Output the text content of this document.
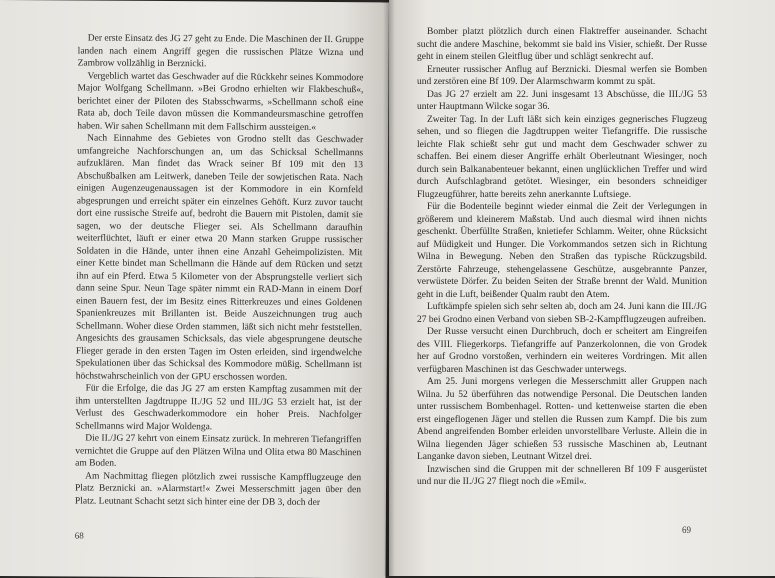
Der erste Einsatz des JG 27 geht zu Ende. Die Maschinen der II. Gruppe landen nach einem Angriff gegen die russischen Plätze Wizna und Zambrow vollzählig in Berznicki.

Vergeblich wartet das Geschwader auf die Rückkehr seines Kommodore Major Wolfgang Schellmann. »Bei Grodno erhielten wir Flakbeschuß«, berichtet einer der Piloten des Stabsschwarms, »Schellmann schoß eine Rata ab, doch Teile davon müssen die Kommandeursmaschine getroffen haben. Wir sahen Schellmann mit dem Fallschirm aussteigen.«

Nach Einnahme des Gebietes von Grodno stellt das Geschwader umfangreiche Nachforschungen an, um das Schicksal Schellmanns aufzuklären. Man findet das Wrack seiner Bf 109 mit den 13 Abschußbalken am Leitwerk, daneben Teile der sowjetischen Rata. Nach einigen Augenzeugenaussagen ist der Kommodore in ein Kornfeld abgesprungen und erreicht später ein einzelnes Gehöft. Kurz zuvor taucht dort eine russische Streife auf, bedroht die Bauern mit Pistolen, damit sie sagen, wo der deutsche Flieger sei. Als Schellmann daraufhin weiterflüchtet, läuft er einer etwa 20 Mann starken Gruppe russischer Soldaten in die Hände, unter ihnen eine Anzahl Geheimpolizisten. Mit einer Kette bindet man Schellmann die Hände auf dem Rücken und setzt ihn auf ein Pferd. Etwa 5 Kilometer von der Absprungstelle verliert sich dann seine Spur. Neun Tage später nimmt ein RAD-Mann in einem Dorf einen Bauern fest, der im Besitz eines Ritterkreuzes und eines Goldenen Spanienkreuzes mit Brillanten ist. Beide Auszeichnungen trug auch Schellmann. Woher diese Orden stammen, läßt sich nicht mehr feststellen. Angesichts des grausamen Schicksals, das viele abgesprungene deutsche Flieger gerade in den ersten Tagen im Osten erleiden, sind irgendwelche Spekulationen über das Schicksal des Kommodore müßig. Schellmann ist höchstwahrscheinlich von der GPU erschossen worden.

Für die Erfolge, die das JG 27 am ersten Kampftag zusammen mit der ihm unterstellten Jagdtruppe II./JG 52 und III./JG 53 erzielt hat, ist der Verlust des Geschwaderkommodore ein hoher Preis. Nachfolger Schellmanns wird Major Woldenga.

Die II./JG 27 kehrt von einem Einsatz zurück. In mehreren Tiefangriffen vernichtet die Gruppe auf den Plätzen Wilna und Olita etwa 80 Maschinen am Boden.

Am Nachmittag fliegen plötzlich zwei russische Kampfflugzeuge den Platz Berznicki an. »Alarmstart!« Zwei Messerschmitt jagen über den Platz. Leutnant Schacht setzt sich hinter eine der DB 3, doch der

68

Bomber platzt plötzlich durch einen Flaktreffer auseinander. Schacht sucht die andere Maschine, bekommt sie bald ins Visier, schießt. Der Russe geht in einem steilen Gleitflug über und schlägt senkrecht auf.

Erneuter russischer Anflug auf Berznicki. Diesmal werfen sie Bomben und zerstören eine Bf 109. Der Alarmschwarm kommt zu spät.

Das JG 27 erzielt am 22. Juni insgesamt 13 Abschüsse, die III./JG 53 unter Hauptmann Wilcke sogar 36.

Zweiter Tag. In der Luft läßt sich kein einziges gegnerisches Flugzeug sehen, und so fliegen die Jagdtruppen weiter Tiefangriffe. Die russische leichte Flak schießt sehr gut und macht dem Geschwader schwer zu schaffen. Bei einem dieser Angriffe erhält Oberleutnant Wiesinger, noch durch sein Balkanabenteuer bekannt, einen unglücklichen Treffer und wird durch Aufschlagbrand getötet. Wiesinger, ein besonders schneidiger Flugzeugführer, hatte bereits zehn anerkannte Luftsiege.

Für die Bodenteile beginnt wieder einmal die Zeit der Verlegungen in größerem und kleinerem Maßstab. Und auch diesmal wird ihnen nichts geschenkt. Überfüllte Straßen, knietiefer Schlamm. Weiter, ohne Rücksicht auf Müdigkeit und Hunger. Die Vorkommandos setzen sich in Richtung Wilna in Bewegung. Neben den Straßen das typische Rückzugsbild. Zerstörte Fahrzeuge, stehengelassene Geschütze, ausgebrannte Panzer, verwüstete Dörfer. Zu beiden Seiten der Straße brennt der Wald. Munition geht in die Luft, beißender Qualm raubt den Atem.

Luftkämpfe spielen sich sehr selten ab, doch am 24. Juni kann die III./JG 27 bei Grodno einen Verband von sieben SB-2-Kampfflugzeugen aufreiben.

Der Russe versucht einen Durchbruch, doch er scheitert am Eingreifen des VIII. Fliegerkorps. Tiefangriffe auf Panzerkolonnen, die von Grodek her auf Grodno vorstoßen, verhindern ein weiteres Vordringen. Mit allen verfügbaren Maschinen ist das Geschwader unterwegs.

Am 25. Juni morgens verlegen die Messerschmitt aller Gruppen nach Wilna. Ju 52 überführen das notwendige Personal. Die Deutschen landen unter russischem Bombenhagel. Rotten- und kettenweise starten die eben erst eingeflogenen Jäger und stellen die Russen zum Kampf. Die bis zum Abend angreifenden Bomber erleiden unvorstellbare Verluste. Allein die in Wilna liegenden Jäger schießen 53 russische Maschinen ab, Leutnant Langanke davon sieben, Leutnant Witzel drei.

Inzwischen sind die Gruppen mit der schnelleren Bf 109 F ausgerüstet und nur die II./JG 27 fliegt noch die »Emil«.

69
